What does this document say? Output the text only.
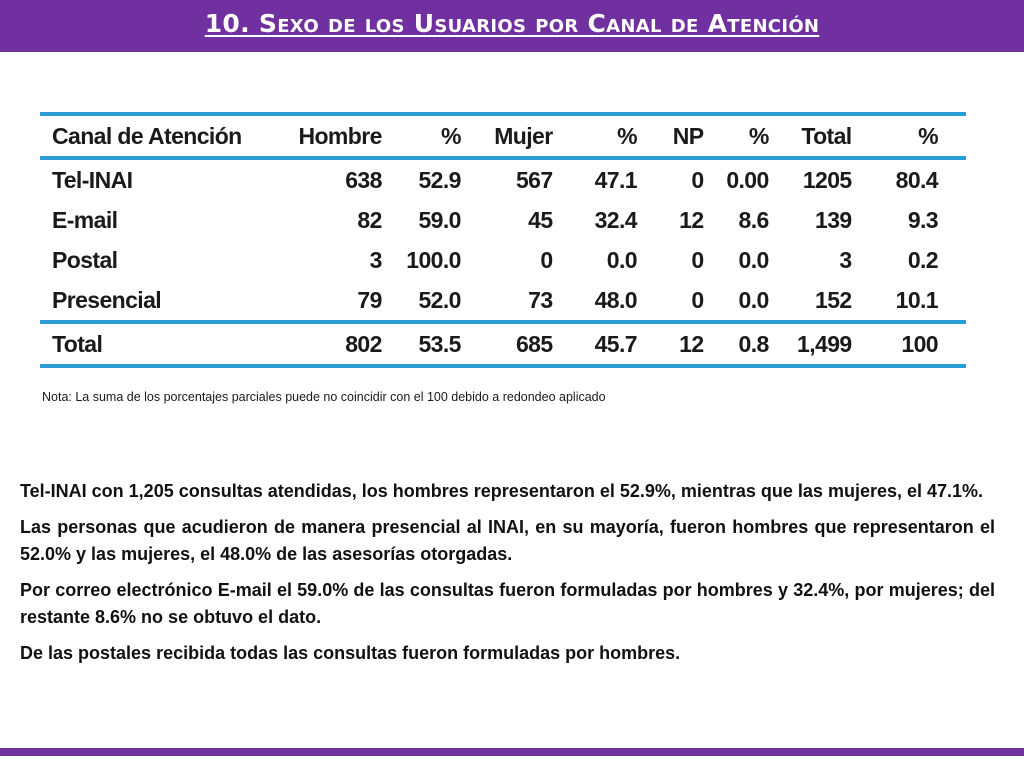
10. Sexo de los Usuarios por Canal de Atención
Canal de Atención	Hombre	%	Mujer	%	NP	%	Total	%
Tel-INAI	638	52.9	567	47.1	0	0.00	1205	80.4
E-mail	82	59.0	45	32.4	12	8.6	139	9.3
Postal	3	100.0	0	0.0	0	0.0	3	0.2
Presencial	79	52.0	73	48.0	0	0.0	152	10.1
Total	802	53.5	685	45.7	12	0.8	1,499	100
Nota: La suma de los porcentajes parciales puede no coincidir con el 100 debido a redondeo aplicado

Tel-INAI con 1,205 consultas atendidas, los hombres representaron el 52.9%, mientras que las mujeres, el 47.1%.

Las personas que acudieron de manera presencial al INAI, en su mayoría, fueron hombres que representaron el 52.0% y las mujeres, el 48.0% de las asesorías otorgadas.

Por correo electrónico E-mail el 59.0% de las consultas fueron formuladas por hombres y 32.4%, por mujeres; del restante 8.6% no se obtuvo el dato.

De las postales recibida todas las consultas fueron formuladas por hombres.
